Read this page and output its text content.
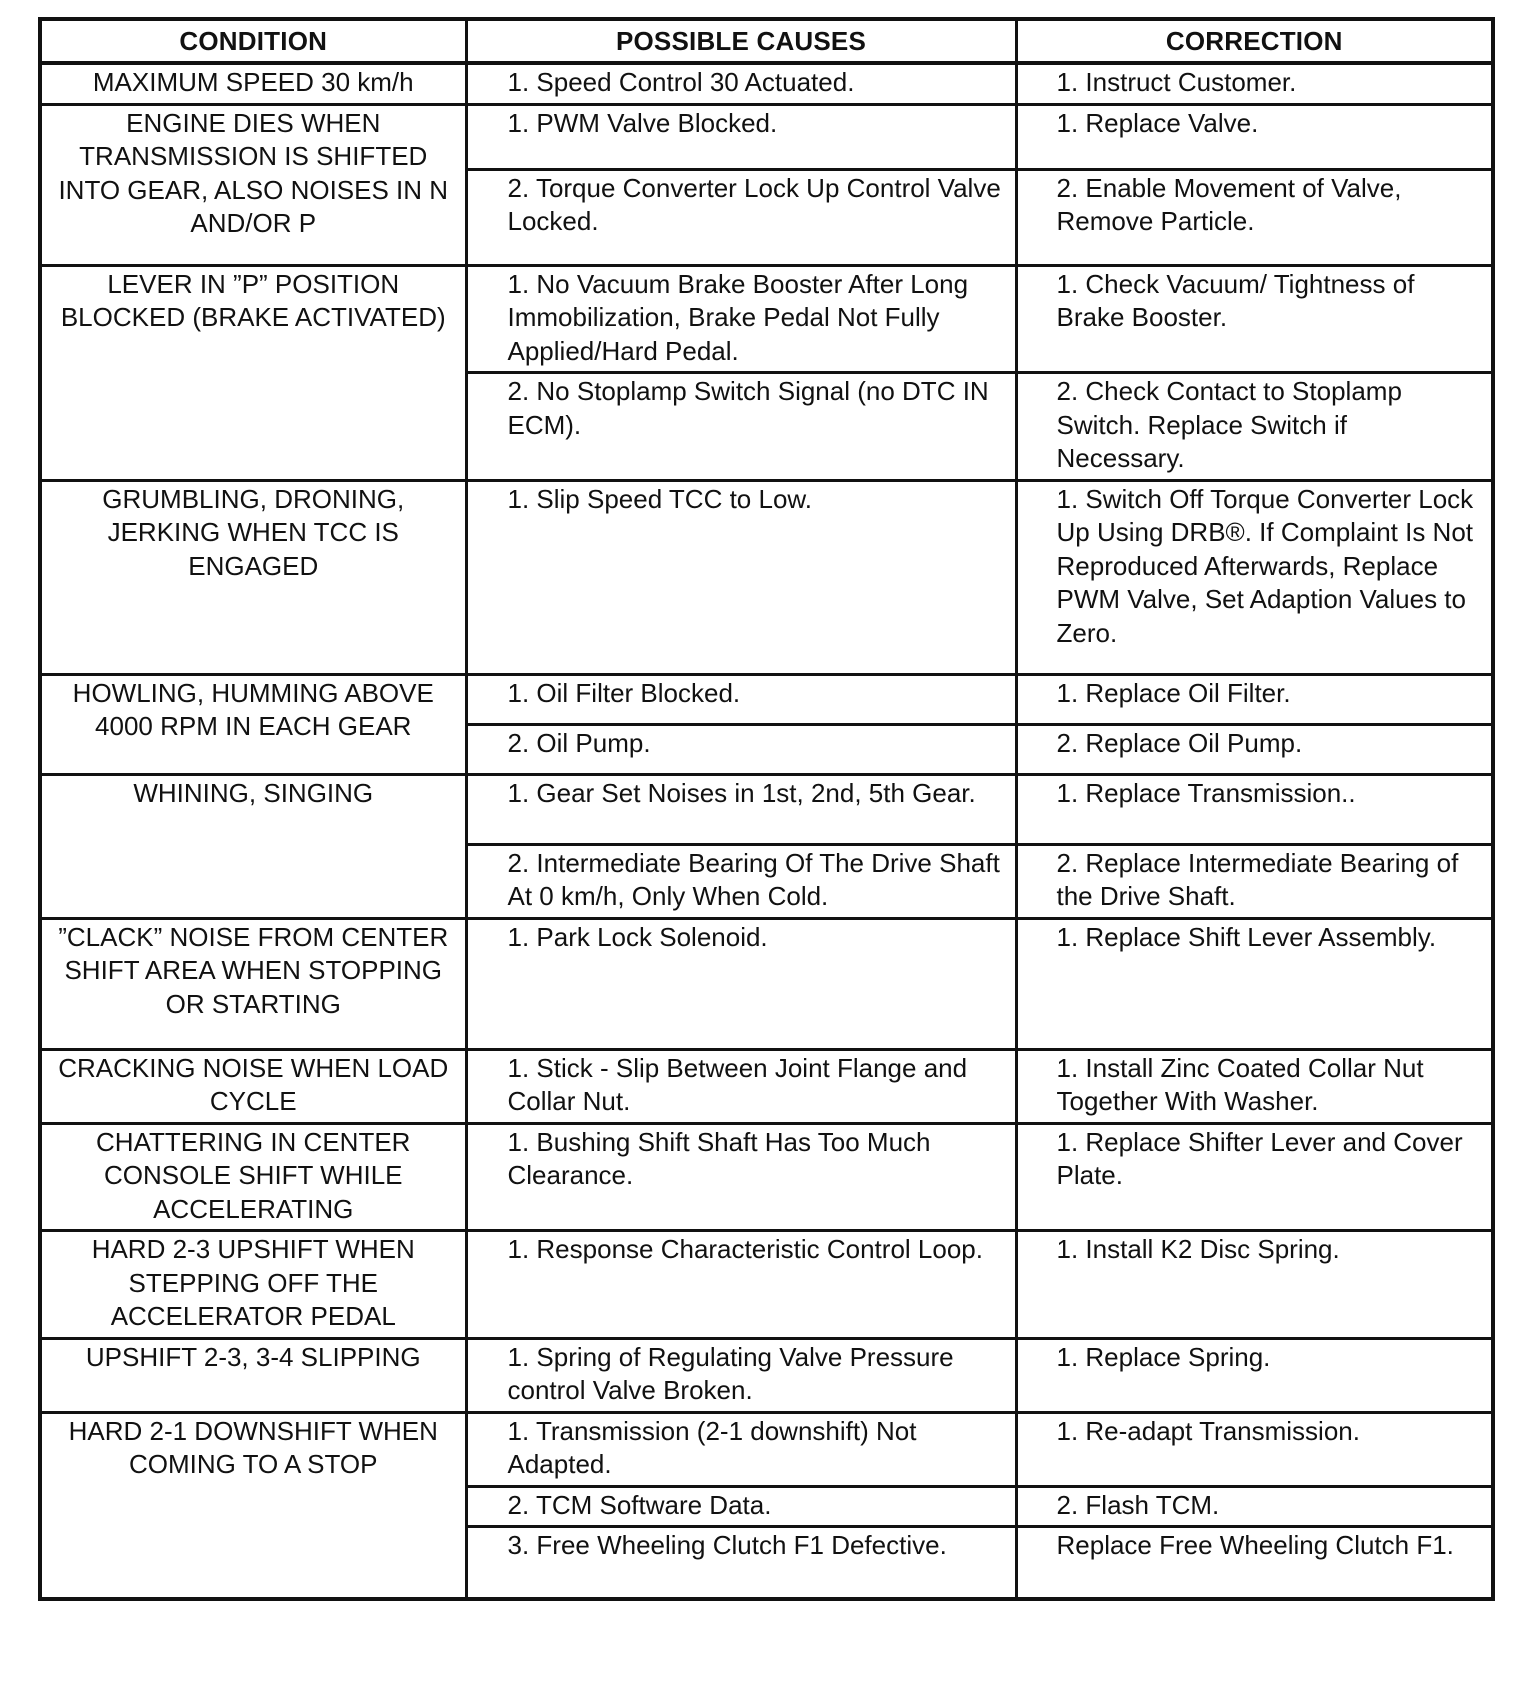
CONDITION	POSSIBLE CAUSES	CORRECTION
MAXIMUM SPEED 30 km/h	1. Speed Control 30 Actuated.	1. Instruct Customer.
ENGINE DIES WHEN TRANSMISSION IS SHIFTED INTO GEAR, ALSO NOISES IN N AND/OR P	1. PWM Valve Blocked.	1. Replace Valve.
	2. Torque Converter Lock Up Control Valve Locked.	2. Enable Movement of Valve, Remove Particle.
LEVER IN ”P” POSITION BLOCKED (BRAKE ACTIVATED)	1. No Vacuum Brake Booster After Long Immobilization, Brake Pedal Not Fully Applied/Hard Pedal.	1. Check Vacuum/ Tightness of Brake Booster.
	2. No Stoplamp Switch Signal (no DTC IN ECM).	2. Check Contact to Stoplamp Switch. Replace Switch if Necessary.
GRUMBLING, DRONING, JERKING WHEN TCC IS ENGAGED	1. Slip Speed TCC to Low.	1. Switch Off Torque Converter Lock Up Using DRB®. If Complaint Is Not Reproduced Afterwards, Replace PWM Valve, Set Adaption Values to Zero.
HOWLING, HUMMING ABOVE 4000 RPM IN EACH GEAR	1. Oil Filter Blocked.	1. Replace Oil Filter.
	2. Oil Pump.	2. Replace Oil Pump.
WHINING, SINGING	1. Gear Set Noises in 1st, 2nd, 5th Gear.	1. Replace Transmission..
	2. Intermediate Bearing Of The Drive Shaft At 0 km/h, Only When Cold.	2. Replace Intermediate Bearing of the Drive Shaft.
”CLACK” NOISE FROM CENTER SHIFT AREA WHEN STOPPING OR STARTING	1. Park Lock Solenoid.	1. Replace Shift Lever Assembly.
CRACKING NOISE WHEN LOAD CYCLE	1. Stick - Slip Between Joint Flange and Collar Nut.	1. Install Zinc Coated Collar Nut Together With Washer.
CHATTERING IN CENTER CONSOLE SHIFT WHILE ACCELERATING	1. Bushing Shift Shaft Has Too Much Clearance.	1. Replace Shifter Lever and Cover Plate.
HARD 2-3 UPSHIFT WHEN STEPPING OFF THE ACCELERATOR PEDAL	1. Response Characteristic Control Loop.	1. Install K2 Disc Spring.
UPSHIFT 2-3, 3-4 SLIPPING	1. Spring of Regulating Valve Pressure control Valve Broken.	1. Replace Spring.
HARD 2-1 DOWNSHIFT WHEN COMING TO A STOP	1. Transmission (2-1 downshift) Not Adapted.	1. Re-adapt Transmission.
	2. TCM Software Data.	2. Flash TCM.
	3. Free Wheeling Clutch F1 Defective.	Replace Free Wheeling Clutch F1.
